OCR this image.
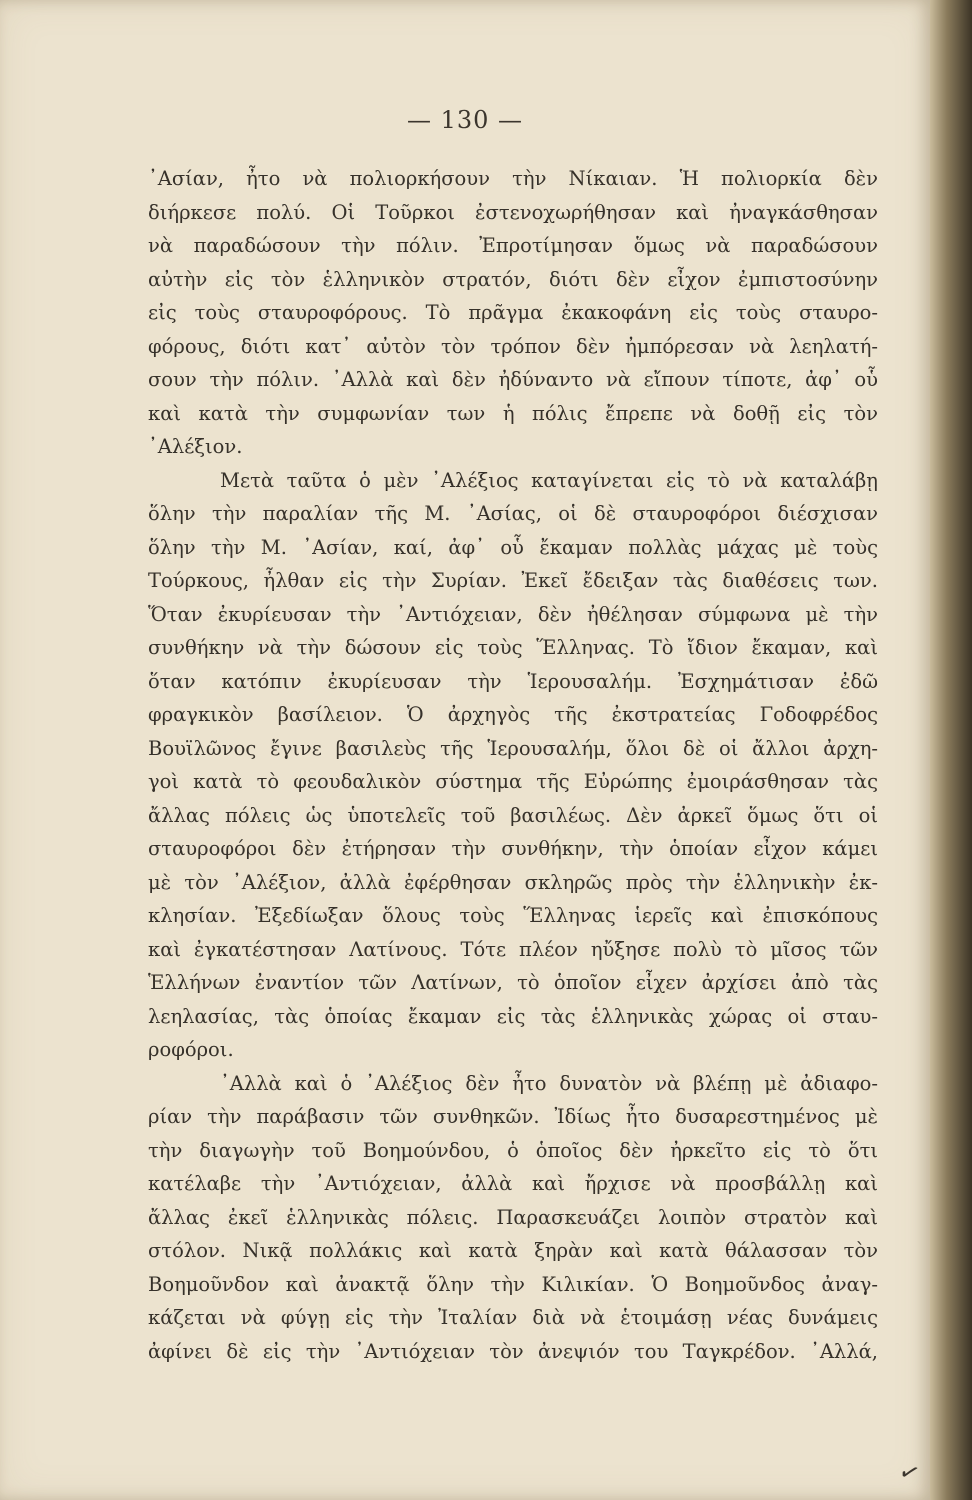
— 130 —
᾿Ασίαν, ἦτο νὰ πολιορκήσουν τὴν Νίκαιαν. Ἡ πολιορκία δὲν
διήρκεσε πολύ. Οἱ Τοῦρκοι ἐστενοχωρήθησαν καὶ ἠναγκάσθησαν
νὰ παραδώσουν τὴν πόλιν. Ἐπροτίμησαν ὅμως νὰ παραδώσουν
αὐτὴν εἰς τὸν ἑλληνικὸν στρατόν, διότι δὲν εἶχον ἐμπιστοσύνην
εἰς τοὺς σταυροφόρους. Τὸ πρᾶγμα ἐκακοφάνη εἰς τοὺς σταυρο-
φόρους, διότι κατ᾿ αὐτὸν τὸν τρόπον δὲν ἠμπόρεσαν νὰ λεηλατή-
σουν τὴν πόλιν. ᾿Αλλὰ καὶ δὲν ἠδύναντο νὰ εἴπουν τίποτε, ἀφ᾿ οὗ
καὶ κατὰ τὴν συμφωνίαν των ἡ πόλις ἔπρεπε νὰ δοθῇ εἰς τὸν
᾿Αλέξιον.
Μετὰ ταῦτα ὁ μὲν ᾿Αλέξιος καταγίνεται εἰς τὸ νὰ καταλάβῃ
ὅλην τὴν παραλίαν τῆς Μ. ᾿Ασίας, οἱ δὲ σταυροφόροι διέσχισαν
ὅλην τὴν Μ. ᾿Ασίαν, καί, ἀφ᾿ οὗ ἔκαμαν πολλὰς μάχας μὲ τοὺς
Τούρκους, ἦλθαν εἰς τὴν Συρίαν. Ἐκεῖ ἔδειξαν τὰς διαθέσεις των.
Ὅταν ἐκυρίευσαν τὴν ᾿Αντιόχειαν, δὲν ἠθέλησαν σύμφωνα μὲ τὴν
συνθήκην νὰ τὴν δώσουν εἰς τοὺς Ἕλληνας. Τὸ ἴδιον ἔκαμαν, καὶ
ὅταν κατόπιν ἐκυρίευσαν τὴν Ἱερουσαλήμ. Ἐσχημάτισαν ἐδῶ
φραγκικὸν βασίλειον. Ὁ ἀρχηγὸς τῆς ἐκστρατείας Γοδοφρέδος
Βουϊλῶνος ἔγινε βασιλεὺς τῆς Ἱερουσαλήμ, ὅλοι δὲ οἱ ἄλλοι ἀρχη-
γοὶ κατὰ τὸ φεουδαλικὸν σύστημα τῆς Εὐρώπης ἐμοιράσθησαν τὰς
ἄλλας πόλεις ὡς ὑποτελεῖς τοῦ βασιλέως. Δὲν ἀρκεῖ ὅμως ὅτι οἱ
σταυροφόροι δὲν ἐτήρησαν τὴν συνθήκην, τὴν ὁποίαν εἶχον κάμει
μὲ τὸν ᾿Αλέξιον, ἀλλὰ ἐφέρθησαν σκληρῶς πρὸς τὴν ἑλληνικὴν ἐκ-
κλησίαν. Ἐξεδίωξαν ὅλους τοὺς Ἕλληνας ἱερεῖς καὶ ἐπισκόπους
καὶ ἐγκατέστησαν Λατίνους. Τότε πλέον ηὔξησε πολὺ τὸ μῖσος τῶν
Ἑλλήνων ἐναντίον τῶν Λατίνων, τὸ ὁποῖον εἶχεν ἀρχίσει ἀπὸ τὰς
λεηλασίας, τὰς ὁποίας ἔκαμαν εἰς τὰς ἑλληνικὰς χώρας οἱ σταυ-
ροφόροι.
᾿Αλλὰ καὶ ὁ ᾿Αλέξιος δὲν ἦτο δυνατὸν νὰ βλέπῃ μὲ ἀδιαφο-
ρίαν τὴν παράβασιν τῶν συνθηκῶν. Ἰδίως ἦτο δυσαρεστημένος μὲ
τὴν διαγωγὴν τοῦ Βοημούνδου, ὁ ὁποῖος δὲν ἠρκεῖτο εἰς τὸ ὅτι
κατέλαβε τὴν ᾿Αντιόχειαν, ἀλλὰ καὶ ἤρχισε νὰ προσβάλλῃ καὶ
ἄλλας ἐκεῖ ἑλληνικὰς πόλεις. Παρασκευάζει λοιπὸν στρατὸν καὶ
στόλον. Νικᾷ πολλάκις καὶ κατὰ ξηρὰν καὶ κατὰ θάλασσαν τὸν
Βοημοῦνδον καὶ ἀνακτᾷ ὅλην τὴν Κιλικίαν. Ὁ Βοημοῦνδος ἀναγ-
κάζεται νὰ φύγῃ εἰς τὴν Ἰταλίαν διὰ νὰ ἑτοιμάσῃ νέας δυνάμεις
ἀφίνει δὲ εἰς τὴν ᾿Αντιόχειαν τὸν ἀνεψιόν του Ταγκρέδον. ᾿Αλλά,
✓
